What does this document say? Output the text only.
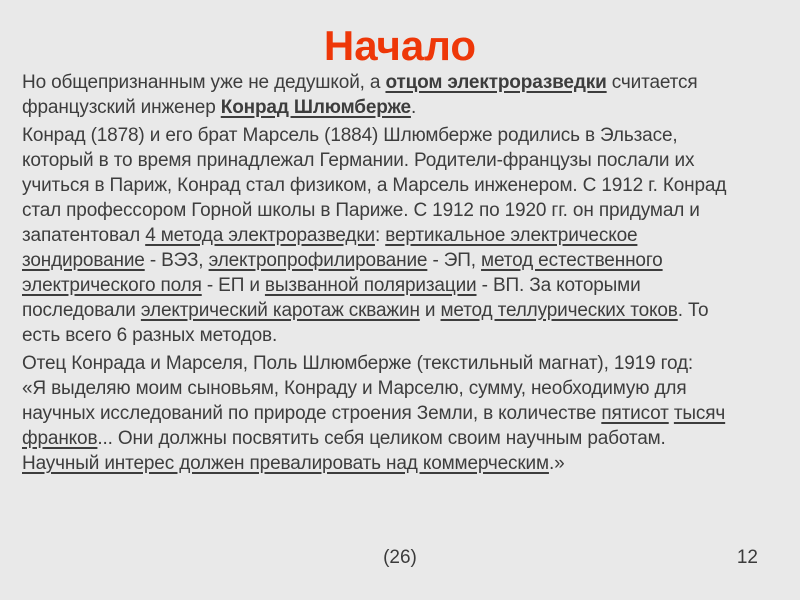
Начало

Но общепризнанным уже не дедушкой, а отцом электроразведки считается
французский инженер Конрад Шлюмберже.

Конрад (1878) и его брат Марсель (1884) Шлюмберже родились в Эльзасе,
который в то время принадлежал Германии. Родители-французы послали их
учиться в Париж, Конрад стал физиком, а Марсель инженером. С 1912 г. Конрад
стал профессором Горной школы в Париже. С 1912 по 1920 гг. он придумал и
запатентовал 4 метода электроразведки: вертикальное электрическое
зондирование - ВЭЗ, электропрофилирование - ЭП, метод естественного
электрического поля - ЕП и вызванной поляризации - ВП. За которыми
последовали электрический каротаж скважин и метод теллурических токов. То
есть всего 6 разных методов.

Отец Конрада и Марселя, Поль Шлюмберже (текстильный магнат), 1919 год:
«Я выделяю моим сыновьям, Конраду и Марселю, сумму, необходимую для
научных исследований по природе строения Земли, в количестве пятисот тысяч
франков... Они должны посвятить себя целиком своим научным работам.
Научный интерес должен превалировать над коммерческим.»

(26)	12
